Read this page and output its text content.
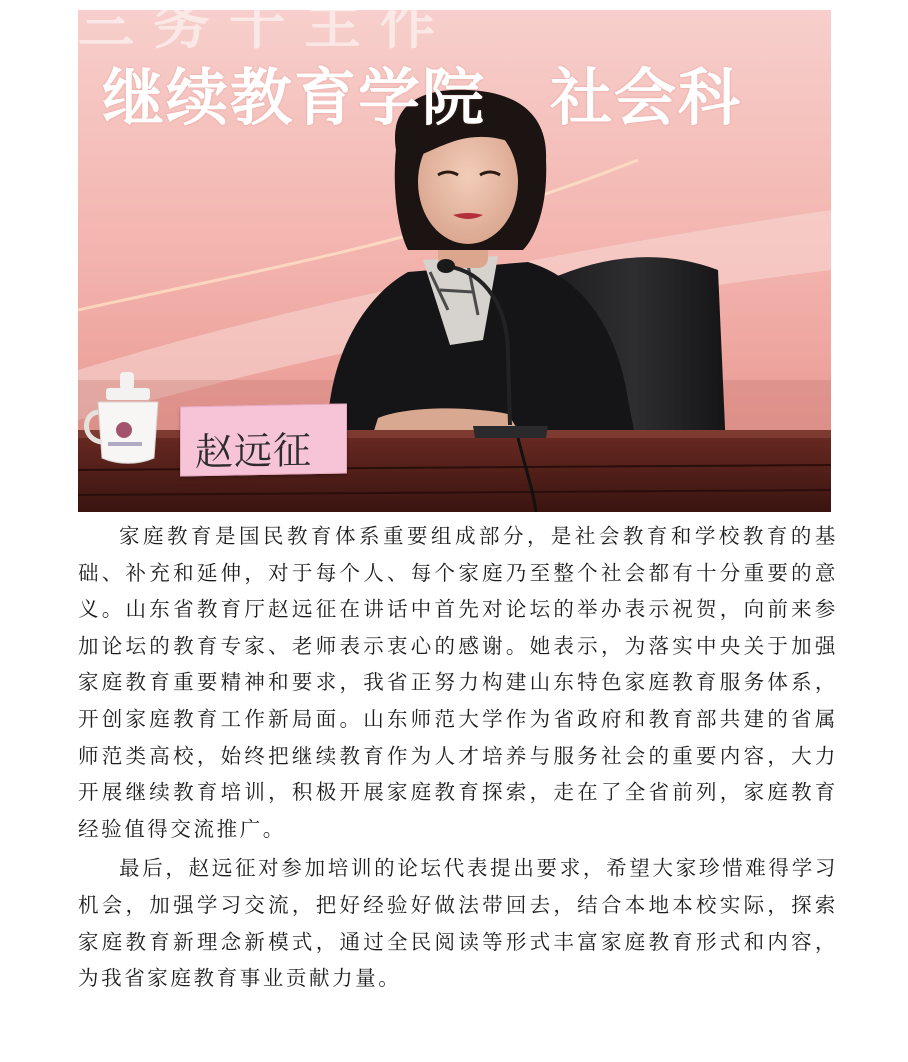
继续教育学院　社会科
赵远征

家庭教育是国民教育体系重要组成部分，是社会教育和学校教育的基础、补充和延伸，对于每个人、每个家庭乃至整个社会都有十分重要的意义。山东省教育厅赵远征在讲话中首先对论坛的举办表示祝贺，向前来参加论坛的教育专家、老师表示衷心的感谢。她表示，为落实中央关于加强家庭教育重要精神和要求，我省正努力构建山东特色家庭教育服务体系，开创家庭教育工作新局面。山东师范大学作为省政府和教育部共建的省属师范类高校，始终把继续教育作为人才培养与服务社会的重要内容，大力开展继续教育培训，积极开展家庭教育探索，走在了全省前列，家庭教育经验值得交流推广。

最后，赵远征对参加培训的论坛代表提出要求，希望大家珍惜难得学习机会，加强学习交流，把好经验好做法带回去，结合本地本校实际，探索家庭教育新理念新模式，通过全民阅读等形式丰富家庭教育形式和内容，为我省家庭教育事业贡献力量。
